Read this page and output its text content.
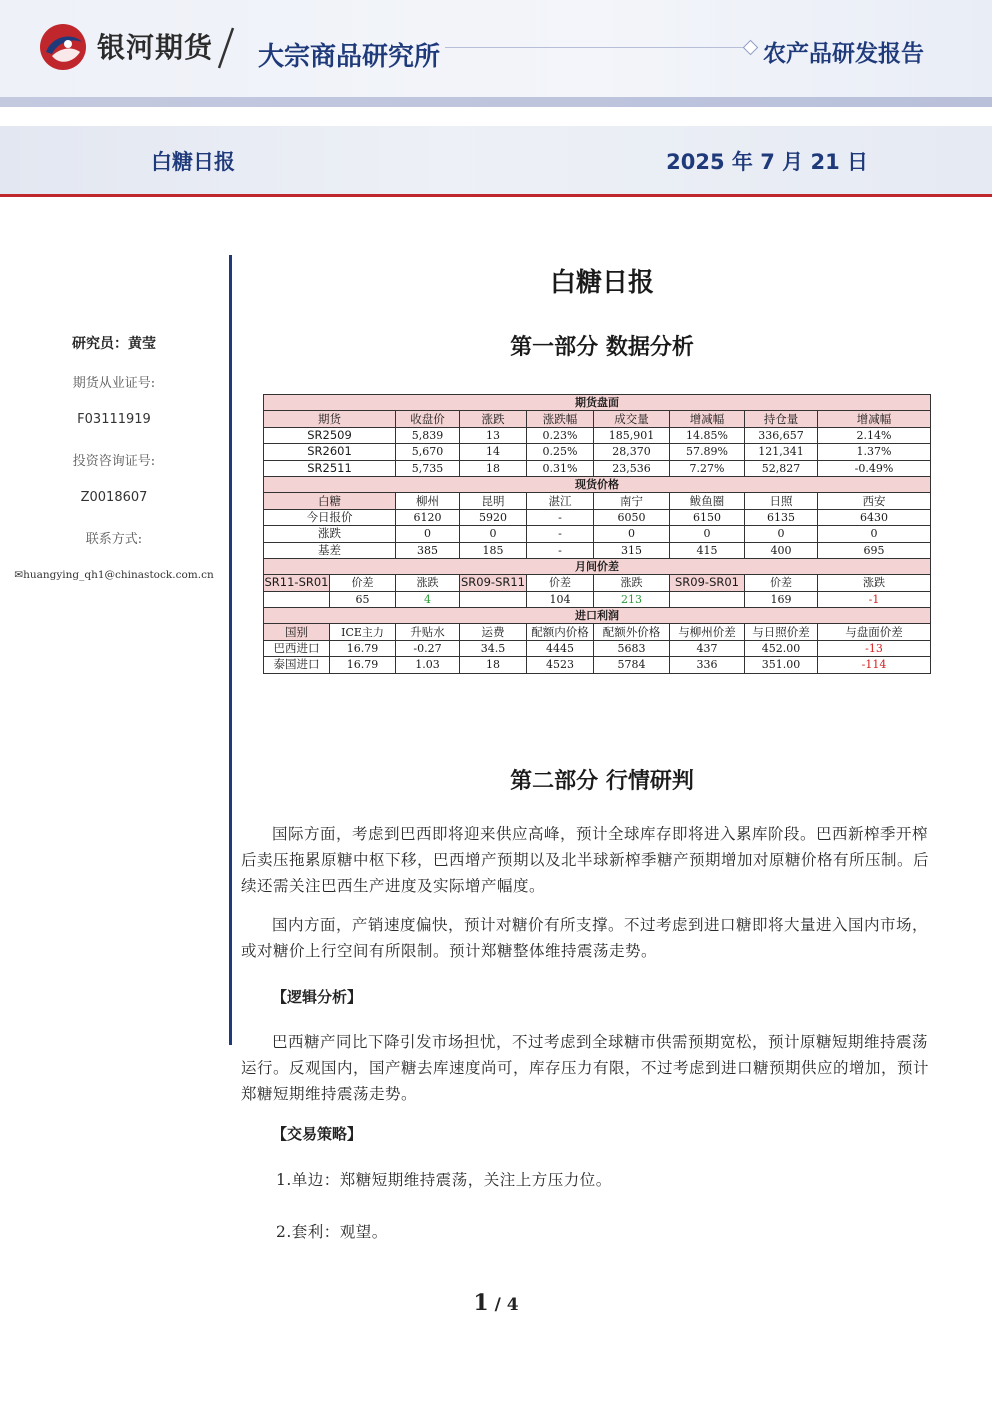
银河期货 大宗商品研究所	农产品研发报告
白糖日报	2025 年 7 月 21 日
研究员：黄莹
期货从业证号:
F03111919
投资咨询证号:
Z0018607
联系方式:
✉huangying_qh1@chinastock.com.cn
白糖日报
第一部分 数据分析
期货盘面								
期货		收盘价	涨跌	涨跌幅	成交量	增减幅	持仓量	增减幅
SR2509		5,839	13	0.23%	185,901	14.85%	336,657	2.14%
SR2601		5,670	14	0.25%	28,370	57.89%	121,341	1.37%
SR2511		5,735	18	0.31%	23,536	7.27%	52,827	-0.49%
现货价格								
白糖		柳州	昆明	湛江	南宁	鲅鱼圈	日照	西安
今日报价		6120	5920	-	6050	6150	6135	6430
涨跌		0	0	-	0	0	0	0
基差		385	185	-	315	415	400	695
月间价差								
SR11-SR01	价差	涨跌	SR09-SR11	价差	涨跌	SR09-SR01	价差	涨跌
	65	4		104	213		169	-1
进口利润								
国别	ICE主力	升贴水	运费	配额内价格	配额外价格	与柳州价差	与日照价差	与盘面价差
巴西进口	16.79	-0.27	34.5	4445	5683	437	452.00	-13
泰国进口	16.79	1.03	18	4523	5784	336	351.00	-114
第二部分 行情研判

国际方面，考虑到巴西即将迎来供应高峰，预计全球库存即将进入累库阶段。巴西新榨季开榨后卖压拖累原糖中枢下移，巴西增产预期以及北半球新榨季糖产预期增加对原糖价格有所压制。后续还需关注巴西生产进度及实际增产幅度。

国内方面，产销速度偏快，预计对糖价有所支撑。不过考虑到进口糖即将大量进入国内市场，或对糖价上行空间有所限制。预计郑糖整体维持震荡走势。

【逻辑分析】

巴西糖产同比下降引发市场担忧，不过考虑到全球糖市供需预期宽松，预计原糖短期维持震荡运行。反观国内，国产糖去库速度尚可，库存压力有限，不过考虑到进口糖预期供应的增加，预计郑糖短期维持震荡走势。

【交易策略】
1.单边：郑糖短期维持震荡，关注上方压力位。
2.套利：观望。
1 / 4
